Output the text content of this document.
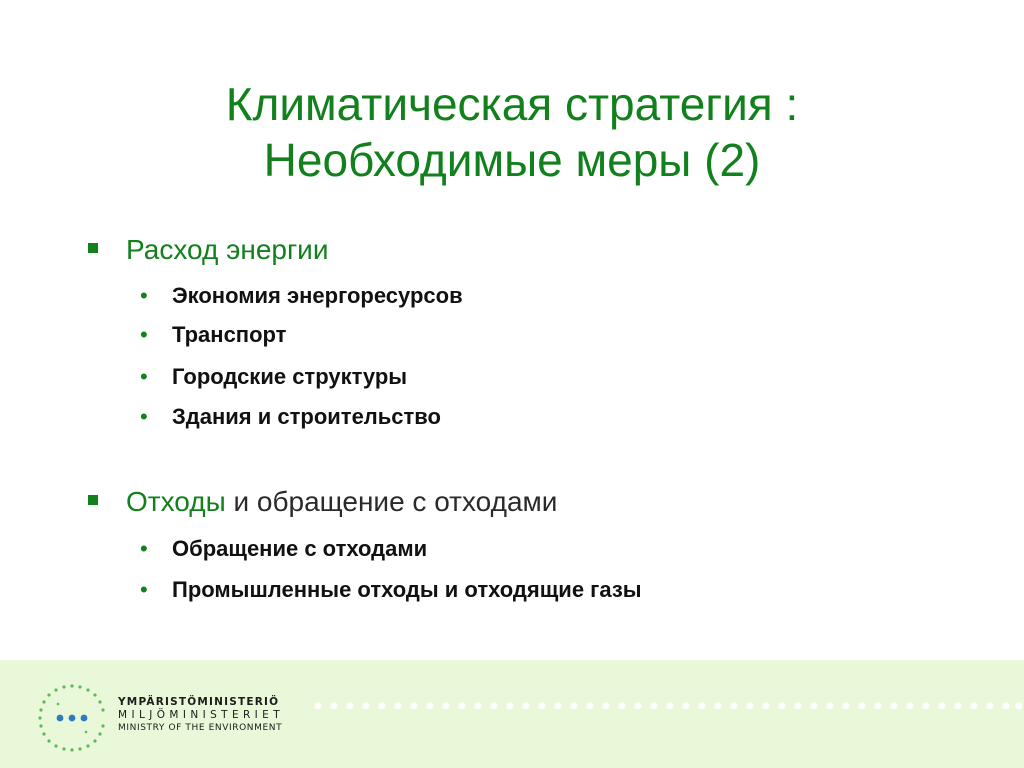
Климатическая стратегия :
Необходимые меры (2)
Расход энергии
• Экономия энергоресурсов
• Транспорт
• Городские структуры
• Здания и строительство
Отходы и обращение с отходами
• Обращение с отходами
• Промышленные отходы и отходящие газы
YMPÄRISTÖMINISTERIÖ
MILJÖMINISTERIET
MINISTRY OF THE ENVIRONMENT
